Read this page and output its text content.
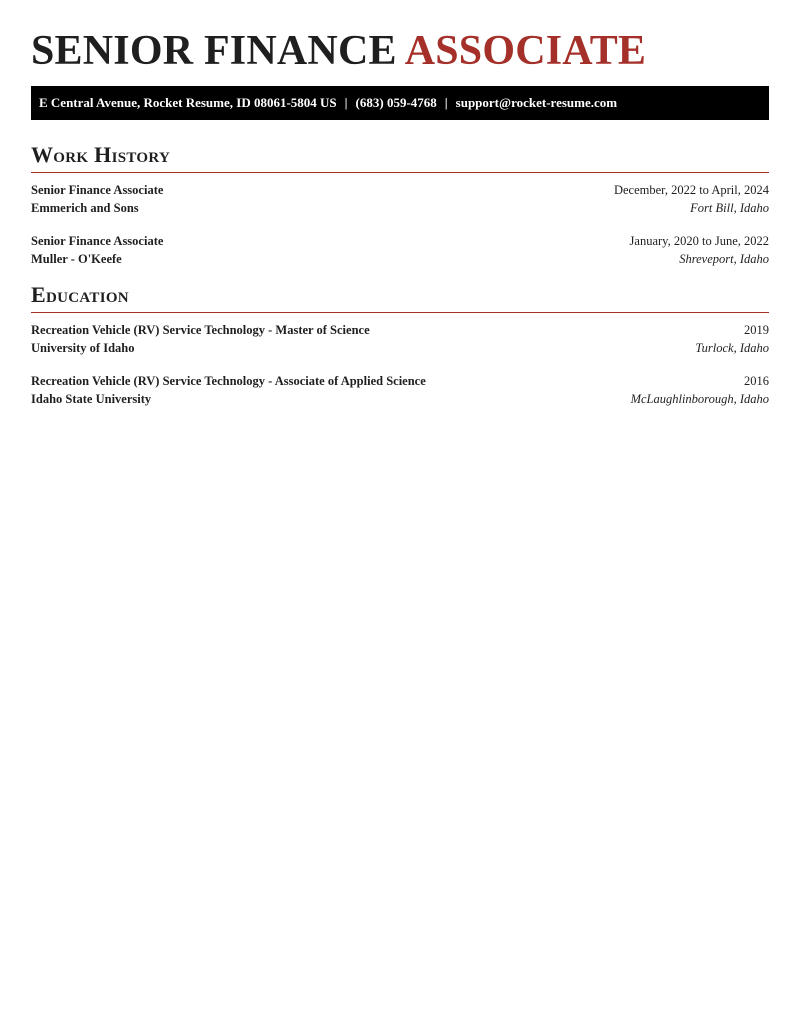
SENIOR FINANCE ASSOCIATE
E Central Avenue, Rocket Resume, ID 08061-5804 US | (683) 059-4768 | support@rocket-resume.com
Work History
Senior Finance Associate	December, 2022 to April, 2024
Emmerich and Sons	Fort Bill, Idaho
Senior Finance Associate	January, 2020 to June, 2022
Muller - O'Keefe	Shreveport, Idaho
Education
Recreation Vehicle (RV) Service Technology - Master of Science	2019
University of Idaho	Turlock, Idaho
Recreation Vehicle (RV) Service Technology - Associate of Applied Science	2016
Idaho State University	McLaughlinborough, Idaho
